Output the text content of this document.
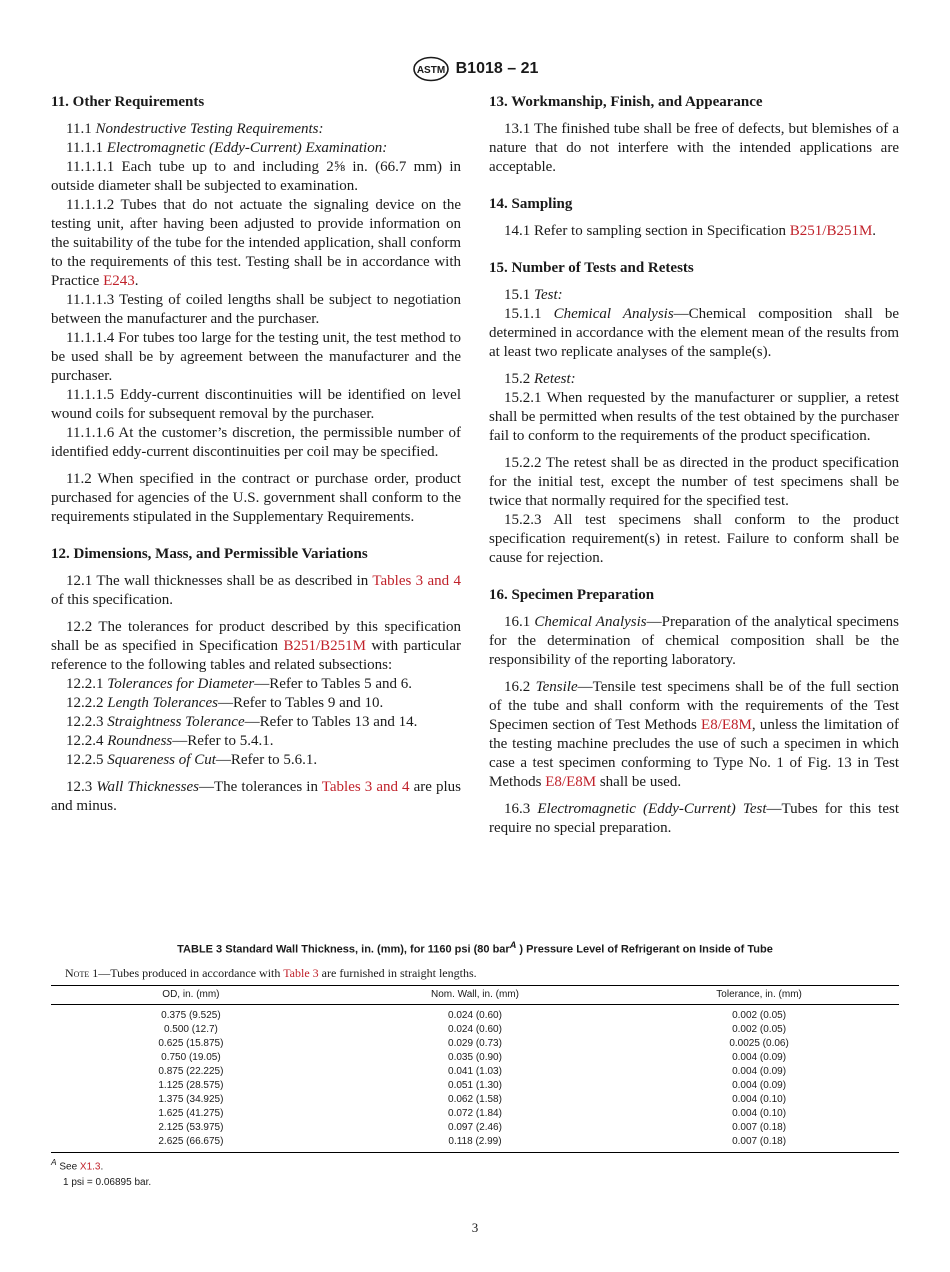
ASTM B1018 – 21
11. Other Requirements

11.1 Nondestructive Testing Requirements:

11.1.1 Electromagnetic (Eddy-Current) Examination:

11.1.1.1 Each tube up to and including 2⅝ in. (66.7 mm) in outside diameter shall be subjected to examination.

11.1.1.2 Tubes that do not actuate the signaling device on the testing unit, after having been adjusted to provide information on the suitability of the tube for the intended application, shall conform to the requirements of this test. Testing shall be in accordance with Practice E243.

11.1.1.3 Testing of coiled lengths shall be subject to negotiation between the manufacturer and the purchaser.

11.1.1.4 For tubes too large for the testing unit, the test method to be used shall be by agreement between the manufacturer and the purchaser.

11.1.1.5 Eddy-current discontinuities will be identified on level wound coils for subsequent removal by the purchaser.

11.1.1.6 At the customer’s discretion, the permissible number of identified eddy-current discontinuities per coil may be specified.

11.2 When specified in the contract or purchase order, product purchased for agencies of the U.S. government shall conform to the requirements stipulated in the Supplementary Requirements.

12. Dimensions, Mass, and Permissible Variations

12.1 The wall thicknesses shall be as described in Tables 3 and 4 of this specification.

12.2 The tolerances for product described by this specification shall be as specified in Specification B251/B251M with particular reference to the following tables and related subsections:

12.2.1 Tolerances for Diameter—Refer to Tables 5 and 6.

12.2.2 Length Tolerances—Refer to Tables 9 and 10.

12.2.3 Straightness Tolerance—Refer to Tables 13 and 14.

12.2.4 Roundness—Refer to 5.4.1.

12.2.5 Squareness of Cut—Refer to 5.6.1.

12.3 Wall Thicknesses—The tolerances in Tables 3 and 4 are plus and minus.

13. Workmanship, Finish, and Appearance

13.1 The finished tube shall be free of defects, but blemishes of a nature that do not interfere with the intended applications are acceptable.

14. Sampling

14.1 Refer to sampling section in Specification B251/B251M.

15. Number of Tests and Retests

15.1 Test:

15.1.1 Chemical Analysis—Chemical composition shall be determined in accordance with the element mean of the results from at least two replicate analyses of the sample(s).

15.2 Retest:

15.2.1 When requested by the manufacturer or supplier, a retest shall be permitted when results of the test obtained by the purchaser fail to conform to the requirements of the product specification.

15.2.2 The retest shall be as directed in the product specification for the initial test, except the number of test specimens shall be twice that normally required for the specified test.

15.2.3 All test specimens shall conform to the product specification requirement(s) in retest. Failure to conform shall be cause for rejection.

16. Specimen Preparation

16.1 Chemical Analysis—Preparation of the analytical specimens for the determination of chemical composition shall be the responsibility of the reporting laboratory.

16.2 Tensile—Tensile test specimens shall be of the full section of the tube and shall conform with the requirements of the Test Specimen section of Test Methods E8/E8M, unless the limitation of the testing machine precludes the use of such a specimen in which case a test specimen conforming to Type No. 1 of Fig. 13 in Test Methods E8/E8M shall be used.

16.3 Electromagnetic (Eddy-Current) Test—Tubes for this test require no special preparation.

TABLE 3 Standard Wall Thickness, in. (mm), for 1160 psi (80 bar$^A$ ) Pressure Level of Refrigerant on Inside of Tube
Note 1—Tubes produced in accordance with Table 3 are furnished in straight lengths.
OD, in. (mm)	Nom. Wall, in. (mm)	Tolerance, in. (mm)
0.375 (9.525)	0.024 (0.60)	0.002 (0.05)
0.500 (12.7)	0.024 (0.60)	0.002 (0.05)
0.625 (15.875)	0.029 (0.73)	0.0025 (0.06)
0.750 (19.05)	0.035 (0.90)	0.004 (0.09)
0.875 (22.225)	0.041 (1.03)	0.004 (0.09)
1.125 (28.575)	0.051 (1.30)	0.004 (0.09)
1.375 (34.925)	0.062 (1.58)	0.004 (0.10)
1.625 (41.275)	0.072 (1.84)	0.004 (0.10)
2.125 (53.975)	0.097 (2.46)	0.007 (0.18)
2.625 (66.675)	0.118 (2.99)	0.007 (0.18)
$^A$ See X1.3.
1 psi = 0.06895 bar.
3
